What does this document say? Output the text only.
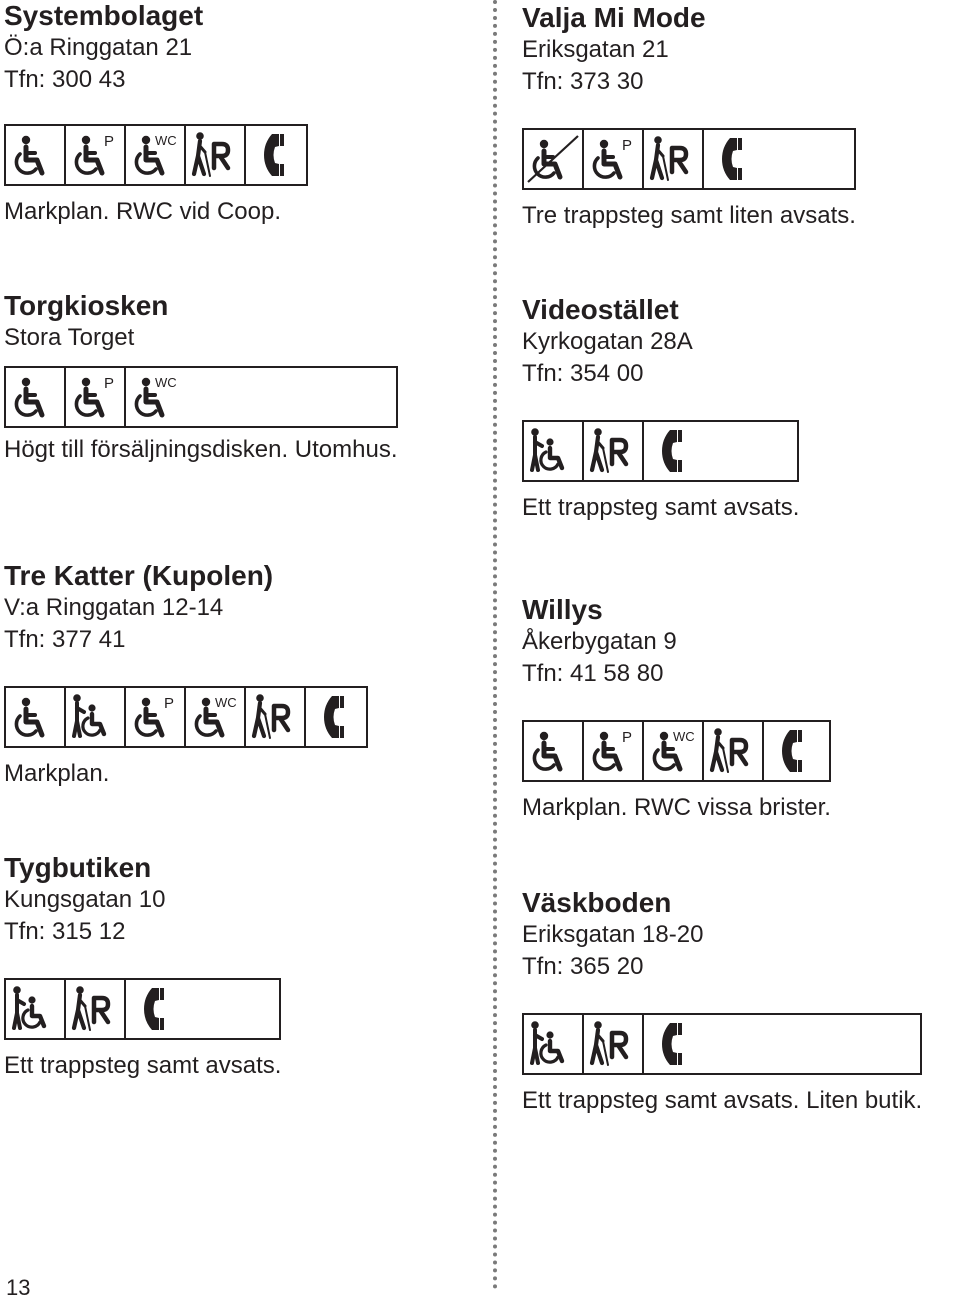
Systembolaget
Ö:a Ringgatan 21
Tfn: 300 43
P	WC
Markplan. RWC vid Coop.
Torgkiosken
Stora Torget
P	WC
Högt till försäljningsdisken. Utomhus.
Tre Katter (Kupolen)
V:a Ringgatan 12-14
Tfn: 377 41
P	WC
Markplan.
Tygbutiken
Kungsgatan 10
Tfn: 315 12
Ett trappsteg samt avsats.
Valja Mi Mode
Eriksgatan 21
Tfn: 373 30
P
Tre trappsteg samt liten avsats.
Videostället
Kyrkogatan 28A
Tfn: 354 00
Ett trappsteg samt avsats.
Willys
Åkerbygatan 9
Tfn: 41 58 80
P	WC
Markplan. RWC vissa brister.
Väskboden
Eriksgatan 18-20
Tfn: 365 20
Ett trappsteg samt avsats. Liten butik.
13
